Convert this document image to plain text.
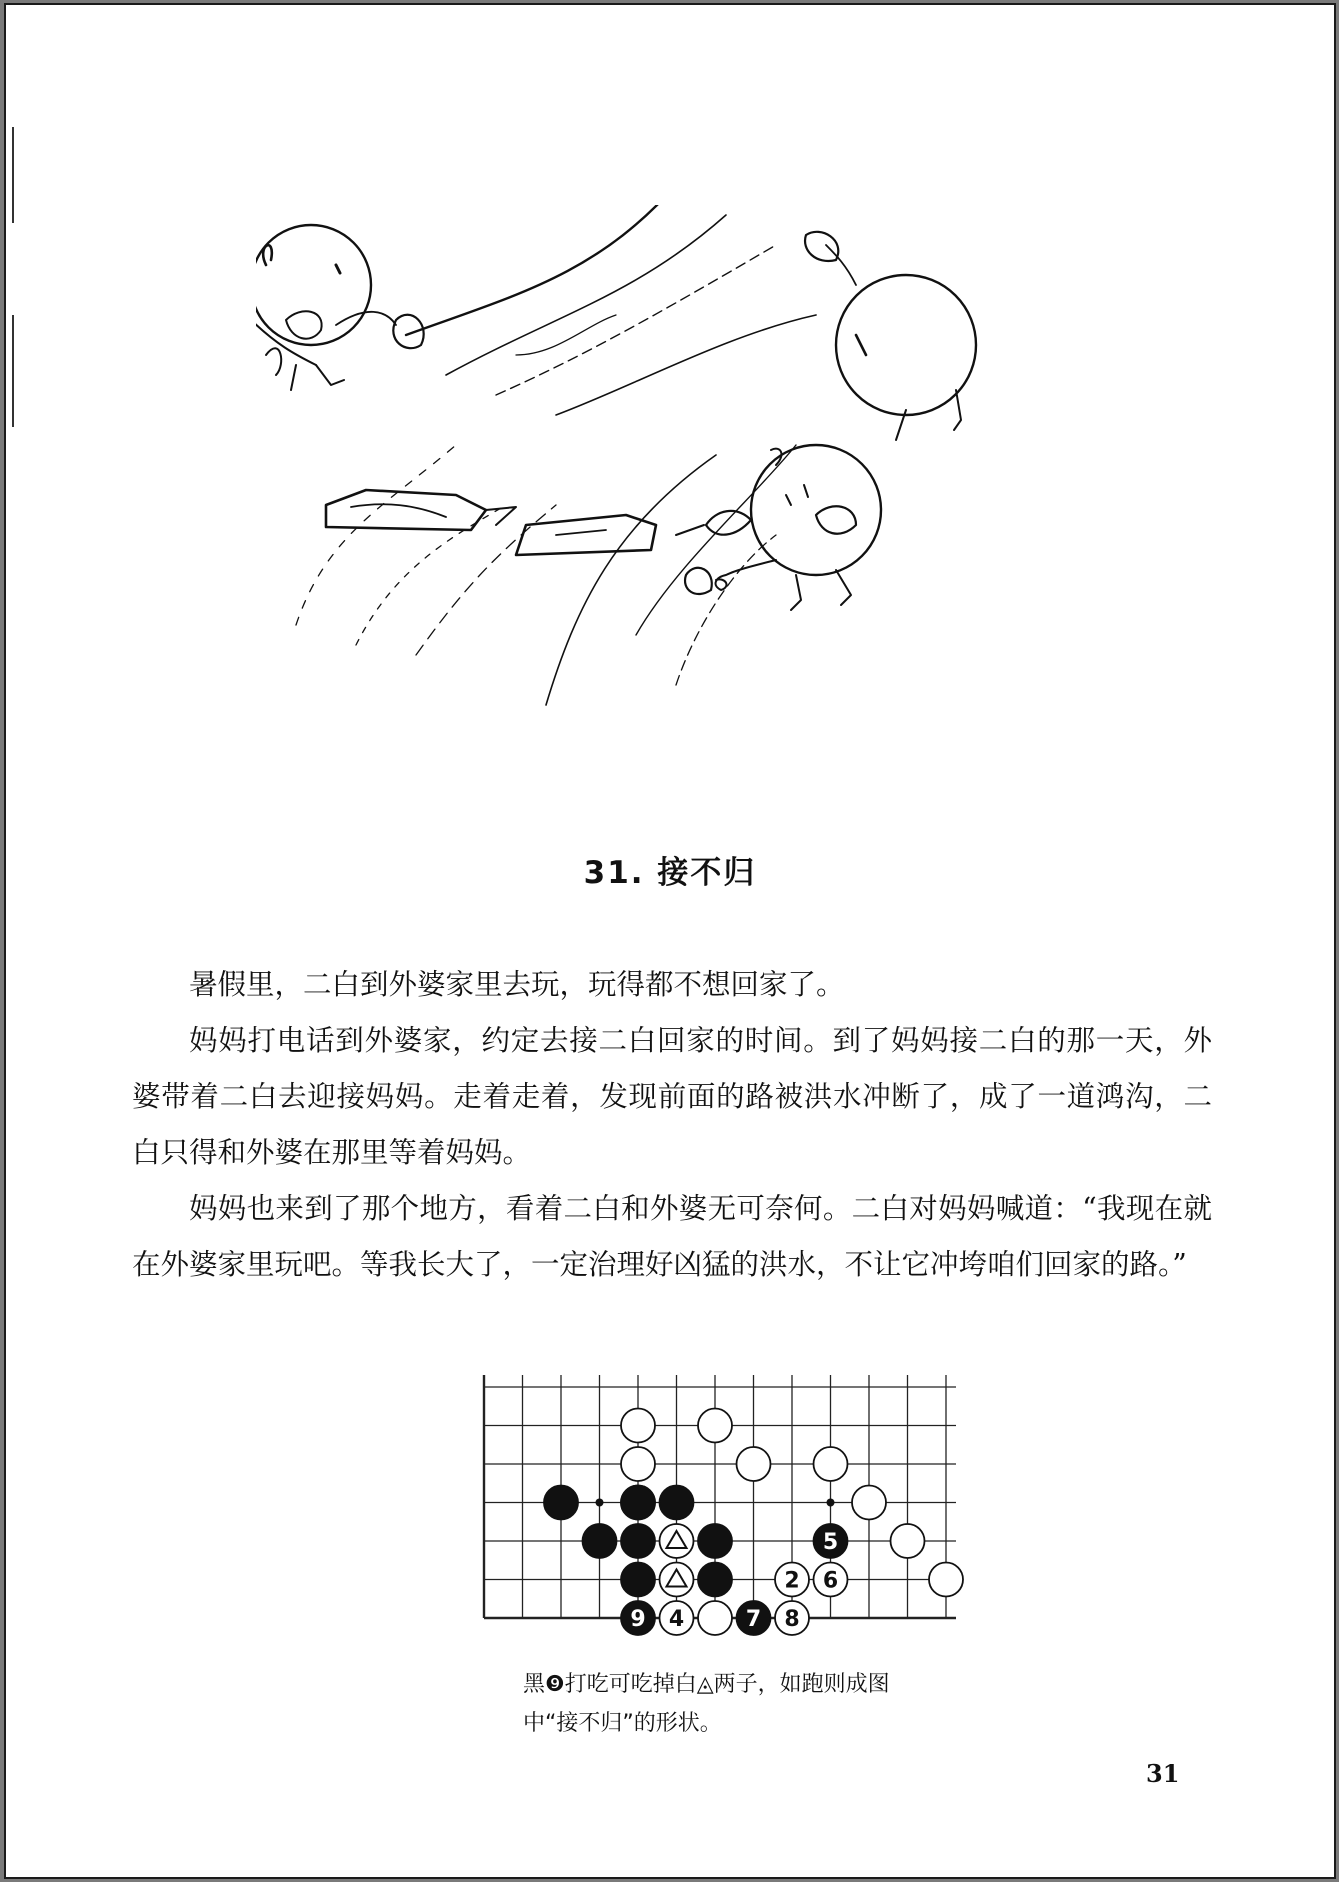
31. 接不归

暑假里，二白到外婆家里去玩，玩得都不想回家了。

妈妈打电话到外婆家，约定去接二白回家的时间。到了妈妈接二白的那一天，外婆带着二白去迎接妈妈。走着走着，发现前面的路被洪水冲断了，成了一道鸿沟，二白只得和外婆在那里等着妈妈。

妈妈也来到了那个地方，看着二白和外婆无可奈何。二白对妈妈喊道：“我现在就在外婆家里玩吧。等我长大了，一定治理好凶猛的洪水，不让它冲垮咱们回家的路。”

5
2 6
9 4	7 8

黑❾打吃可吃掉白◬两子，如跑则成图

中“接不归”的形状。

31
